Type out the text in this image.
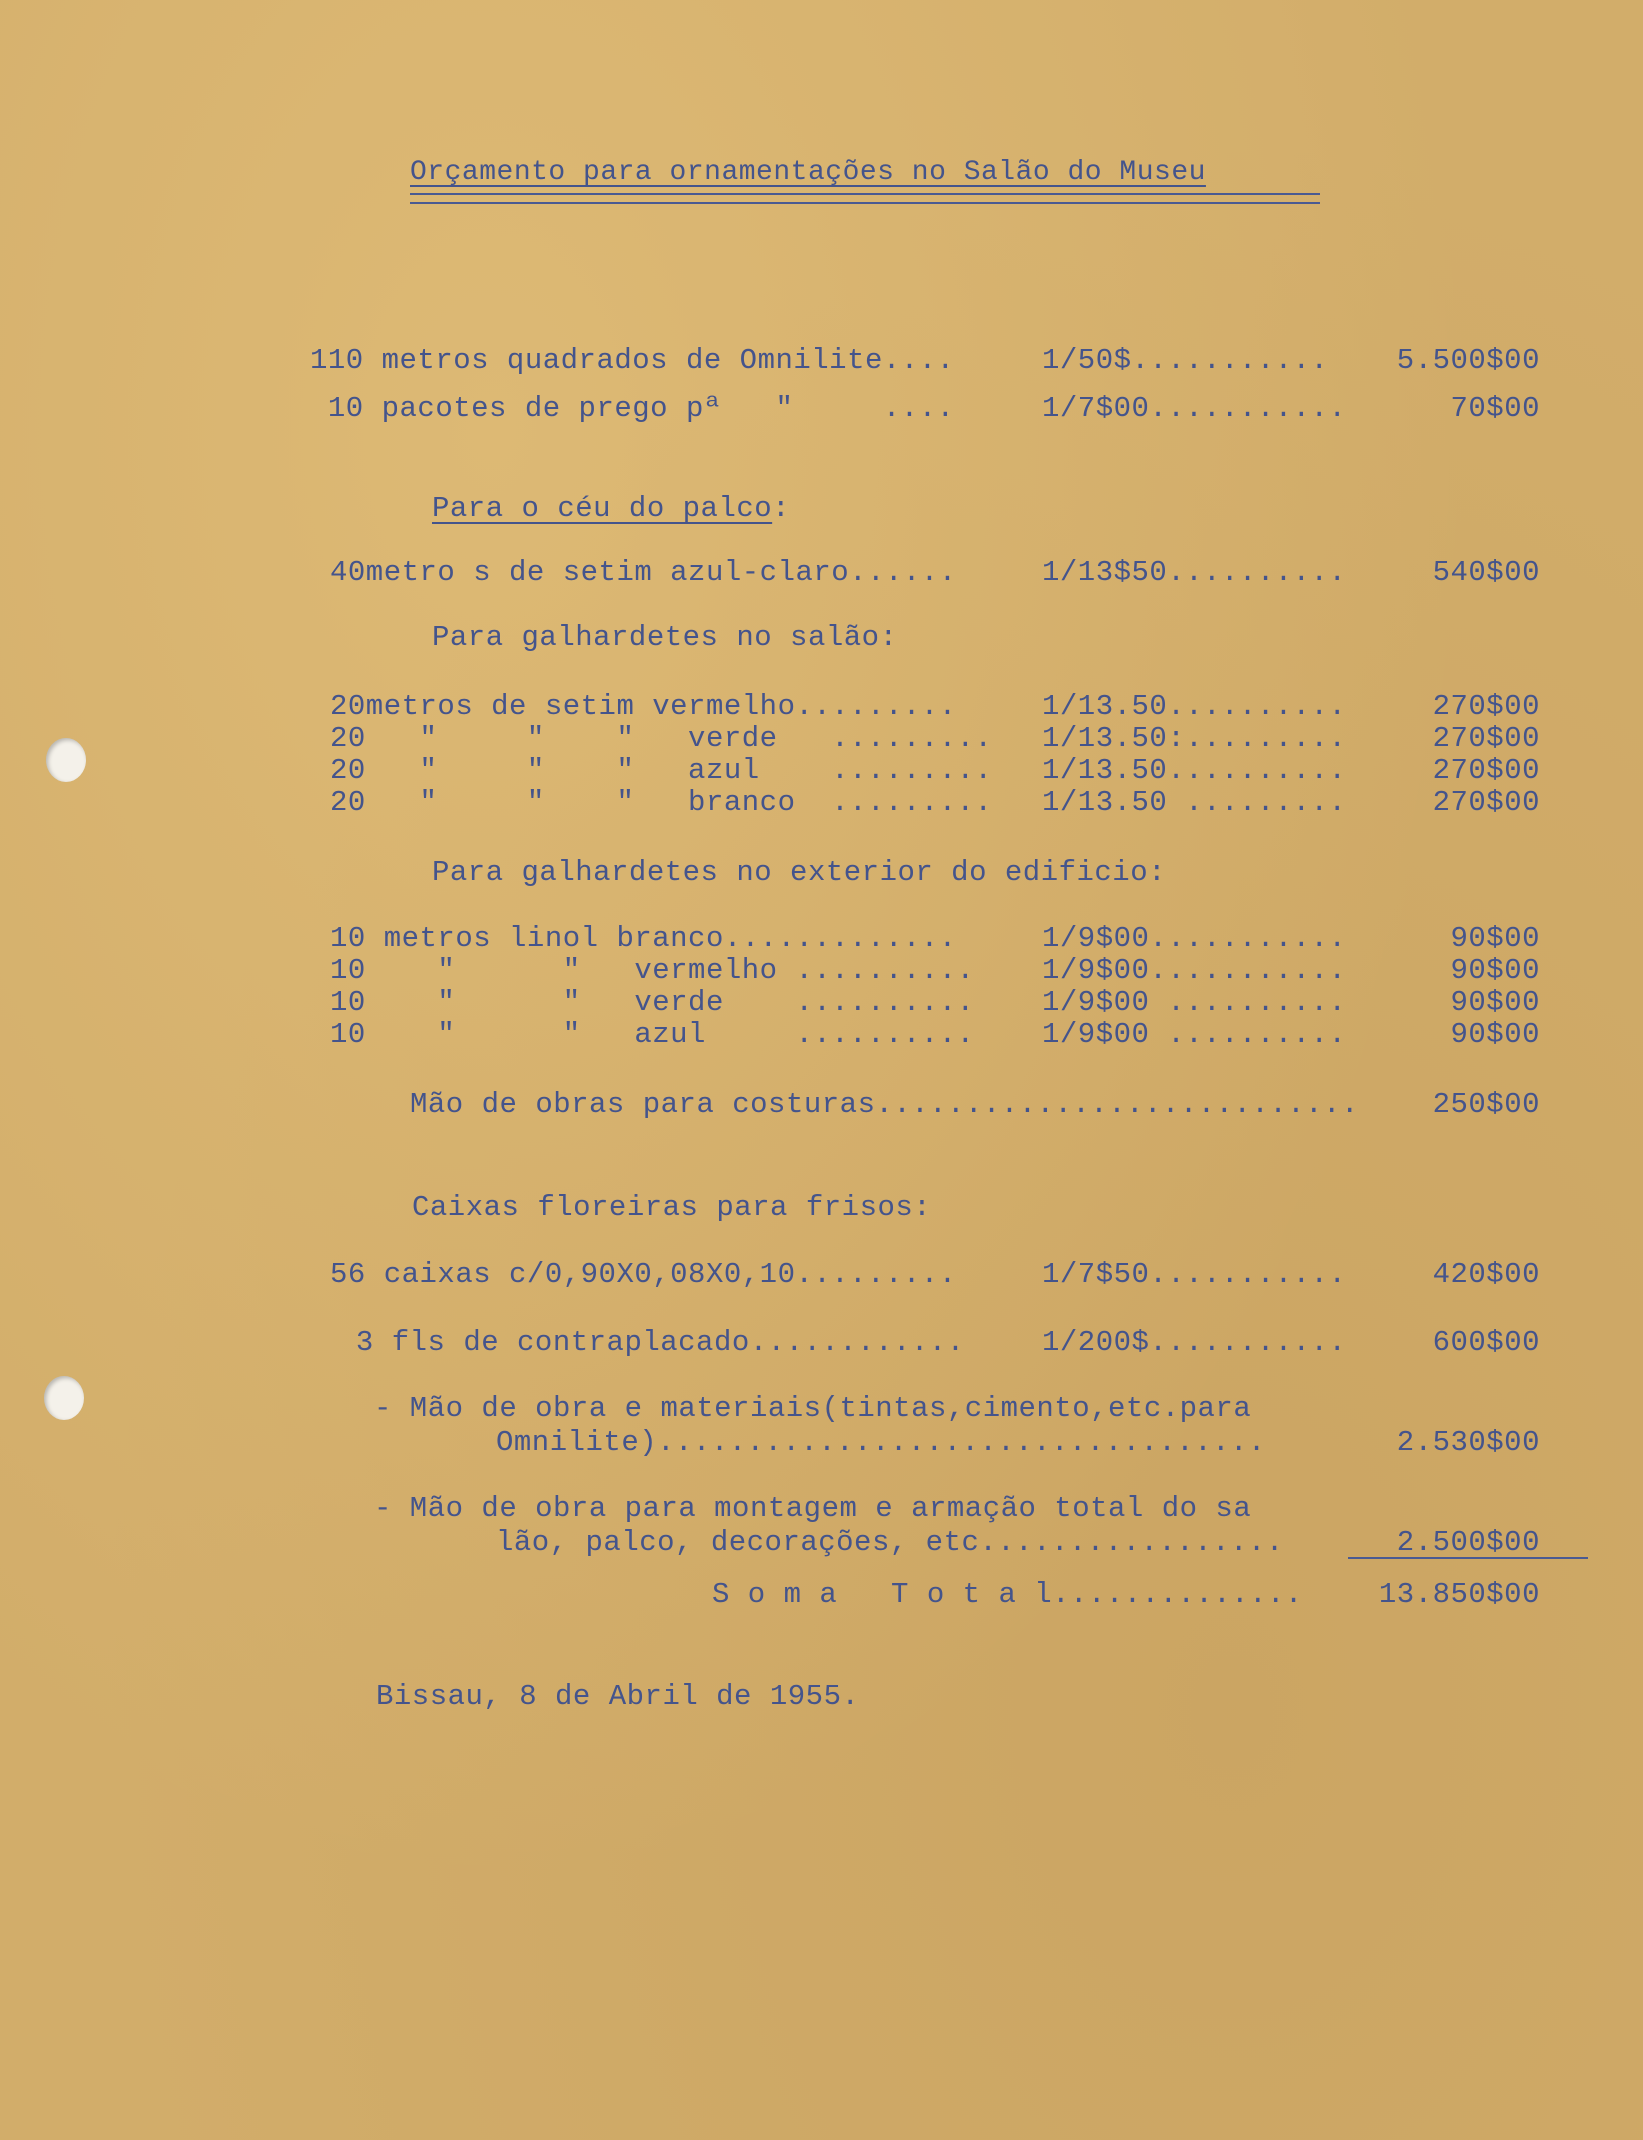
Orçamento para ornamentações no Salão do Museu
110 metros quadrados de Omnilite....	1/50$...........	5.500$00
10 pacotes de prego pª   "     ....	1/7$00...........	70$00
Para o céu do palco:
40metro s de setim azul-claro......	1/13$50..........	540$00
Para galhardetes no salão:
20metros de setim vermelho.........	1/13.50..........	270$00
20   "     "    "   verde   ......... 1/13.50:.........	270$00
20   "     "    "   azul    ......... 1/13.50..........	270$00
20   "     "    "   branco  ......... 1/13.50 .........	270$00
Para galhardetes no exterior do edificio:
10 metros linol branco.............	1/9$00...........	90$00
10    "      "   vermelho .......... 1/9$00...........	90$00
10    "      "   verde    .......... 1/9$00 ..........	90$00
10    "      "   azul     .......... 1/9$00 ..........	90$00
Mão de obras para costuras...........................	250$00
Caixas floreiras para frisos:
56 caixas c/0,90X0,08X0,10.........	1/7$50...........	420$00
3 fls de contraplacado............	1/200$...........	600$00
- Mão de obra e materiais(tintas,cimento,etc.para
Omnilite)..................................	2.530$00
- Mão de obra para montagem e armação total do sa
lão, palco, decorações, etc.................	2.500$00
S o m a   T o t a l..............	13.850$00
Bissau, 8 de Abril de 1955.
